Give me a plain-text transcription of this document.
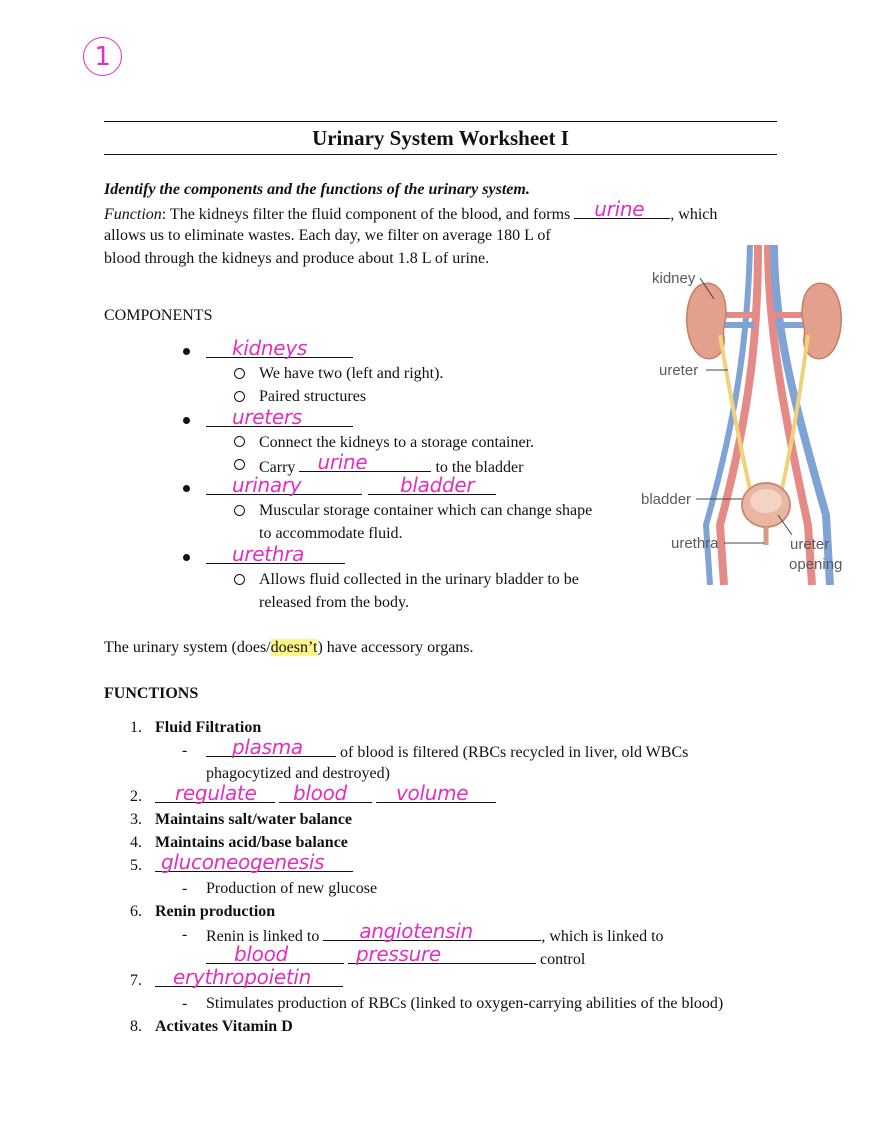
1
Urinary System Worksheet I
Identify the components and the functions of the urinary system.
Function: The kidneys filter the fluid component of the blood, and forms urine , which
allows us to eliminate wastes. Each day, we filter on average 180 L of
blood through the kidneys and produce about 1.8 L of urine.
COMPONENTS
kidneys
We have two (left and right).
Paired structures
ureters
Connect the kidneys to a storage container.
Carry urine	to the bladder
urinary
	bladder
Muscular storage container which can change shape
to accommodate fluid.
urethra
Allows fluid collected in the urinary bladder to be
released from the body.
The urinary system (does/doesn’t) have accessory organs.
FUNCTIONS
1. Fluid Filtration
- plasma of blood is filtered (RBCs recycled in liver, old WBCs
phagocytized and destroyed)
2. regulate
blood
volume
3. Maintains salt/water balance
4. Maintains acid/base balance
5. gluconeogenesis
- Production of new glucose
6. Renin production
- Renin is linked to angiotensin	, which is linked to
blood
	pressure	control
7. erythropoietin
- Stimulates production of RBCs (linked to oxygen-carrying abilities of the blood)
8. Activates Vitamin D
kidney
ureter
bladder
urethra	ureter
opening
